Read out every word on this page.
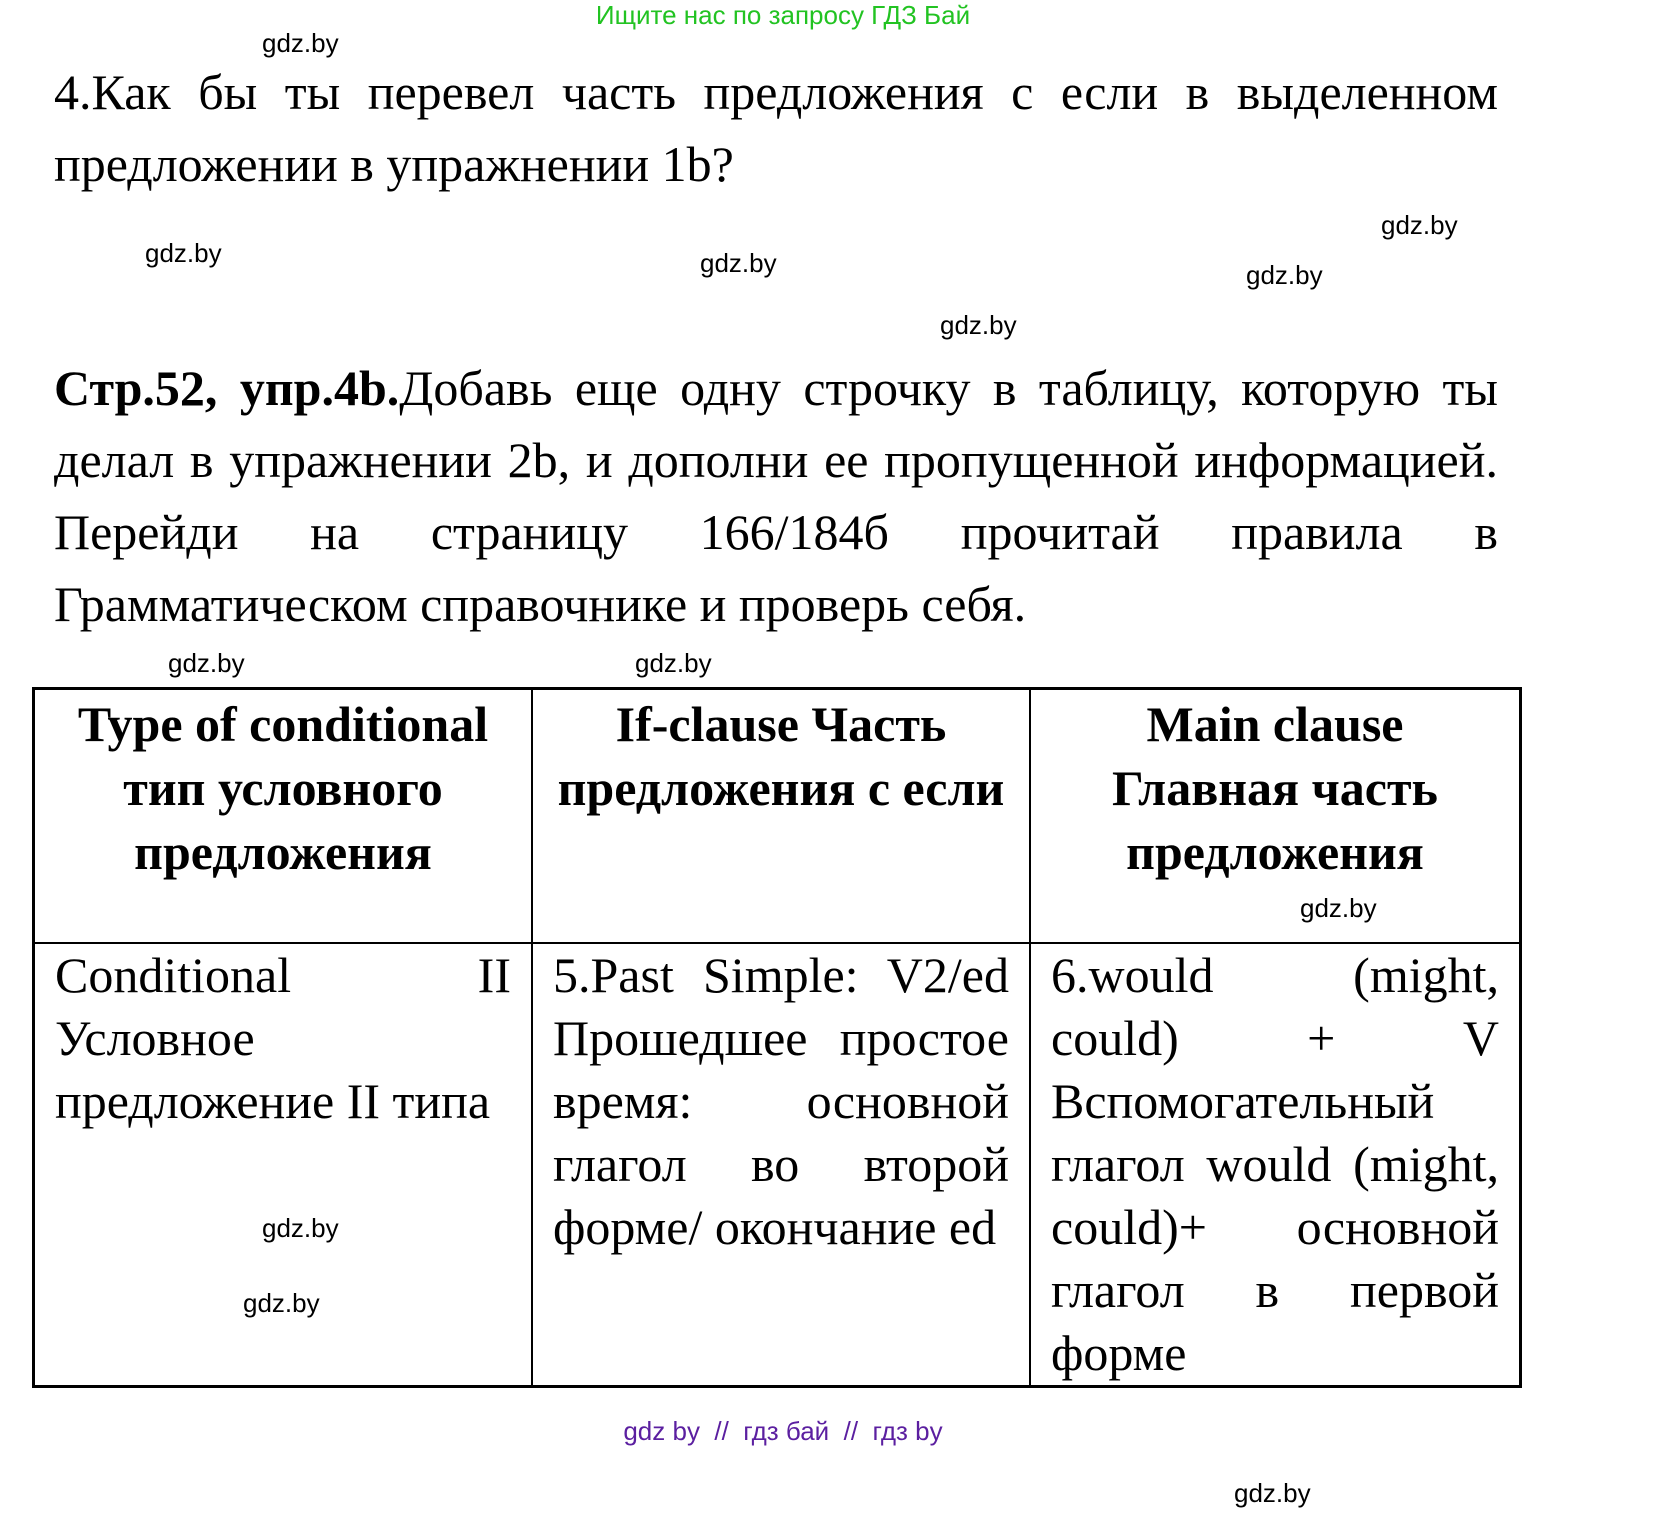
Ищите нас по запросу ГДЗ Бай
4.Как бы ты перевел часть предложения с если в выделенном предложении в упражнении 1b?
Стр.52, упр.4b.Добавь еще одну строчку в таблицу, которую ты делал в упражнении 2b, и дополни ее пропущенной информацией. Перейди на страницу 166/184б прочитай правила в Грамматическом справочнике и проверь себя.
Type of conditional тип условного предложения	If-clause Часть предложения с если	Main clause Главная часть предложения
Conditional II Условное предложение II типа	5.Past Simple: V2/ed Прошедшее простое время: основной глагол во второй форме/ окончание ed	6.would (might, could) + V Вспомогательный глагол would (might, could)+ основной глагол в первой форме
gdz.by
gdz.by
gdz.by
gdz.by
gdz.by
gdz.by
gdz.by
gdz.by
gdz.by
gdz.by
gdz.by
gdz.by
gdz by  //  гдз бай  //  гдз by
